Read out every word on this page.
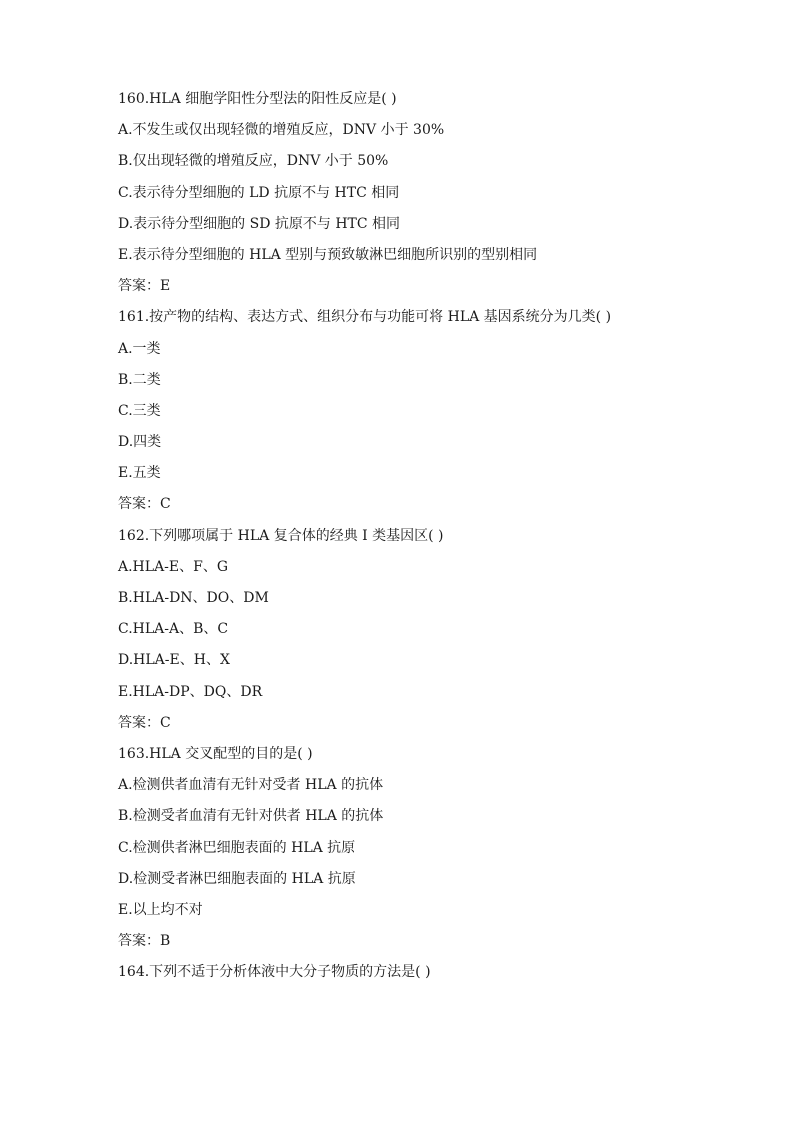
160.HLA 细胞学阳性分型法的阳性反应是( )
A.不发生或仅出现轻微的增殖反应，DNV 小于 30%
B.仅出现轻微的增殖反应，DNV 小于 50%
C.表示待分型细胞的 LD 抗原不与 HTC 相同
D.表示待分型细胞的 SD 抗原不与 HTC 相同
E.表示待分型细胞的 HLA 型别与预致敏淋巴细胞所识别的型别相同
答案：E
161.按产物的结构、表达方式、组织分布与功能可将 HLA 基因系统分为几类( )
A.一类
B.二类
C.三类
D.四类
E.五类
答案：C
162.下列哪项属于 HLA 复合体的经典 I 类基因区( )
A.HLA-E、F、G
B.HLA-DN、DO、DM
C.HLA-A、B、C
D.HLA-E、H、X
E.HLA-DP、DQ、DR
答案：C
163.HLA 交叉配型的目的是( )
A.检测供者血清有无针对受者 HLA 的抗体
B.检测受者血清有无针对供者 HLA 的抗体
C.检测供者淋巴细胞表面的 HLA 抗原
D.检测受者淋巴细胞表面的 HLA 抗原
E.以上均不对
答案：B
164.下列不适于分析体液中大分子物质的方法是( )
